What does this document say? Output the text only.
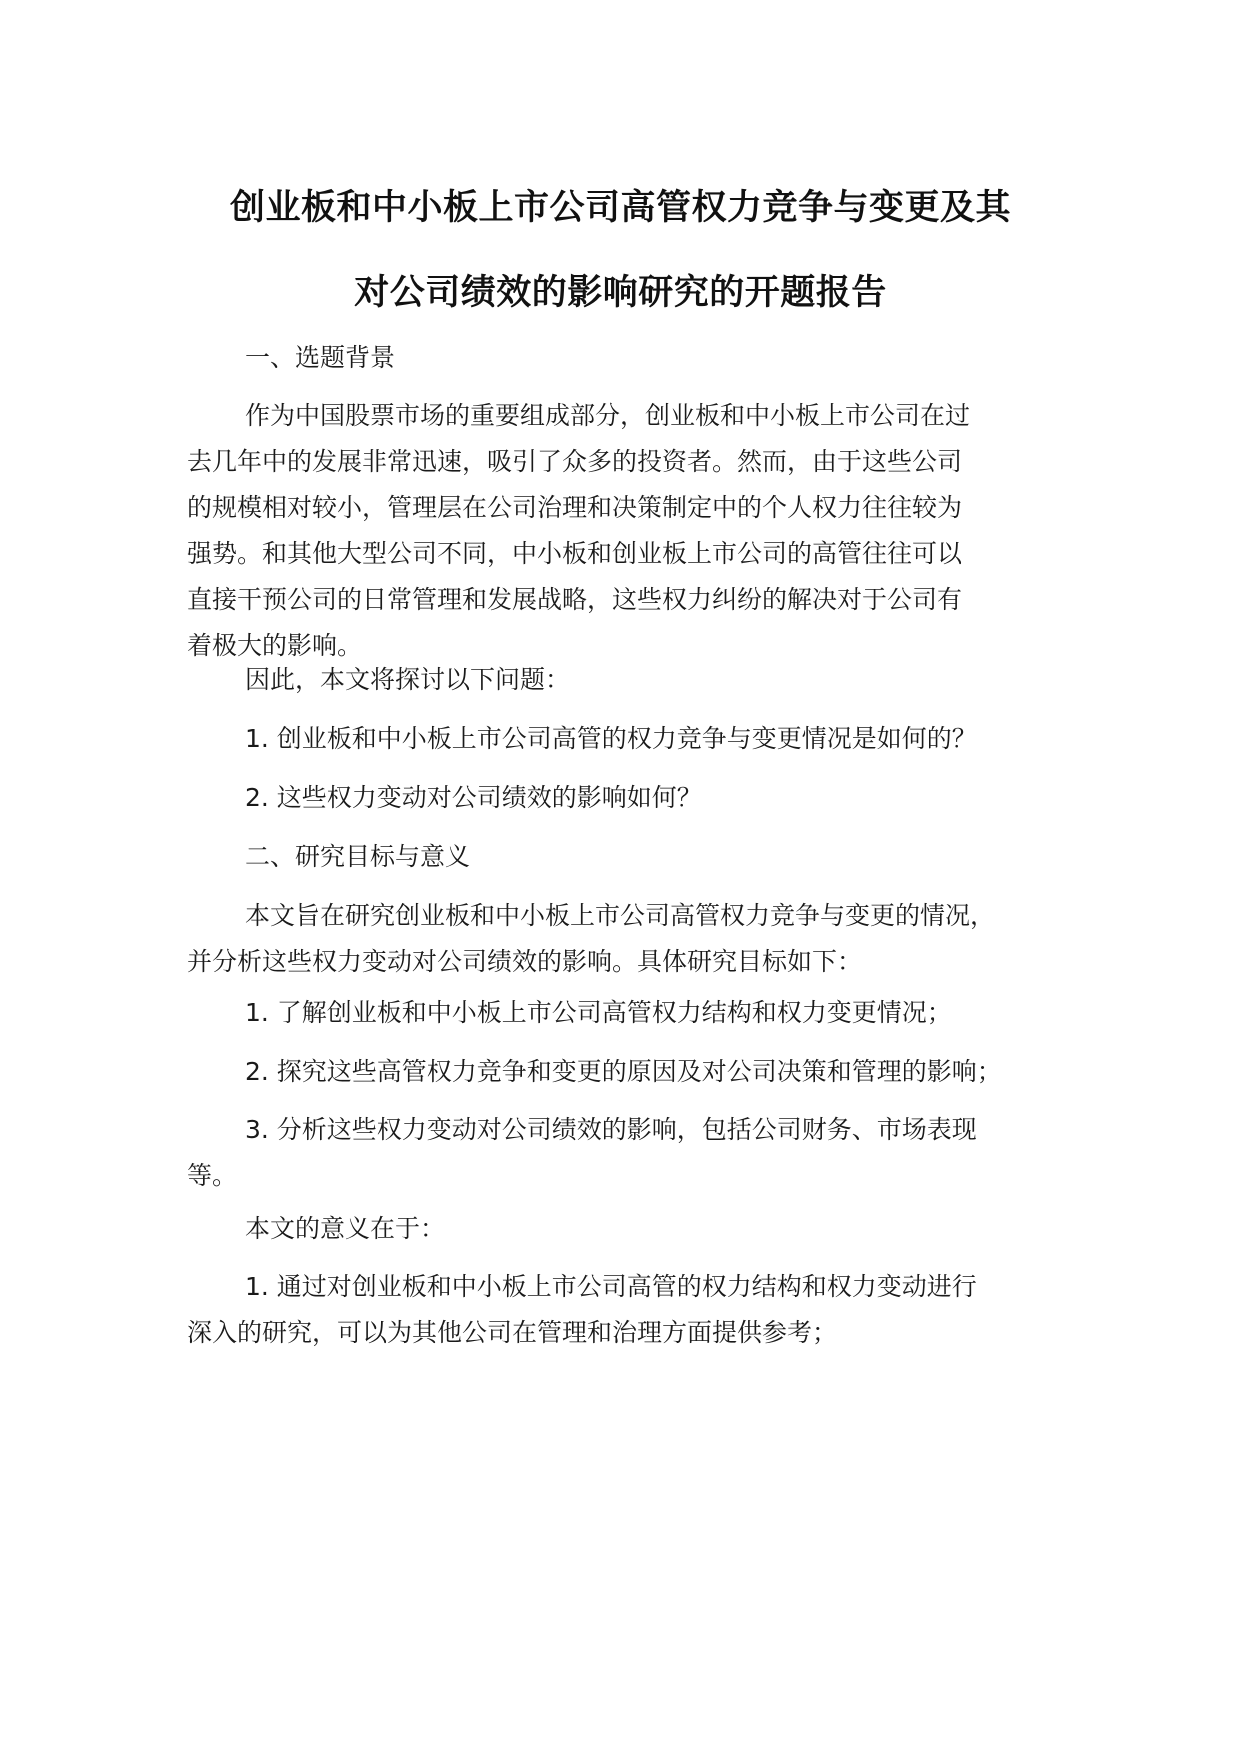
创业板和中小板上市公司高管权力竞争与变更及其
对公司绩效的影响研究的开题报告
一、选题背景
作为中国股票市场的重要组成部分，创业板和中小板上市公司在过
去几年中的发展非常迅速，吸引了众多的投资者。然而，由于这些公司
的规模相对较小，管理层在公司治理和决策制定中的个人权力往往较为
强势。和其他大型公司不同，中小板和创业板上市公司的高管往往可以
直接干预公司的日常管理和发展战略，这些权力纠纷的解决对于公司有
着极大的影响。
因此，本文将探讨以下问题：
1. 创业板和中小板上市公司高管的权力竞争与变更情况是如何的？
2. 这些权力变动对公司绩效的影响如何？
二、研究目标与意义
本文旨在研究创业板和中小板上市公司高管权力竞争与变更的情况，
并分析这些权力变动对公司绩效的影响。具体研究目标如下：
1. 了解创业板和中小板上市公司高管权力结构和权力变更情况；
2. 探究这些高管权力竞争和变更的原因及对公司决策和管理的影响；
3. 分析这些权力变动对公司绩效的影响，包括公司财务、市场表现
等。
本文的意义在于：
1. 通过对创业板和中小板上市公司高管的权力结构和权力变动进行
深入的研究，可以为其他公司在管理和治理方面提供参考；
